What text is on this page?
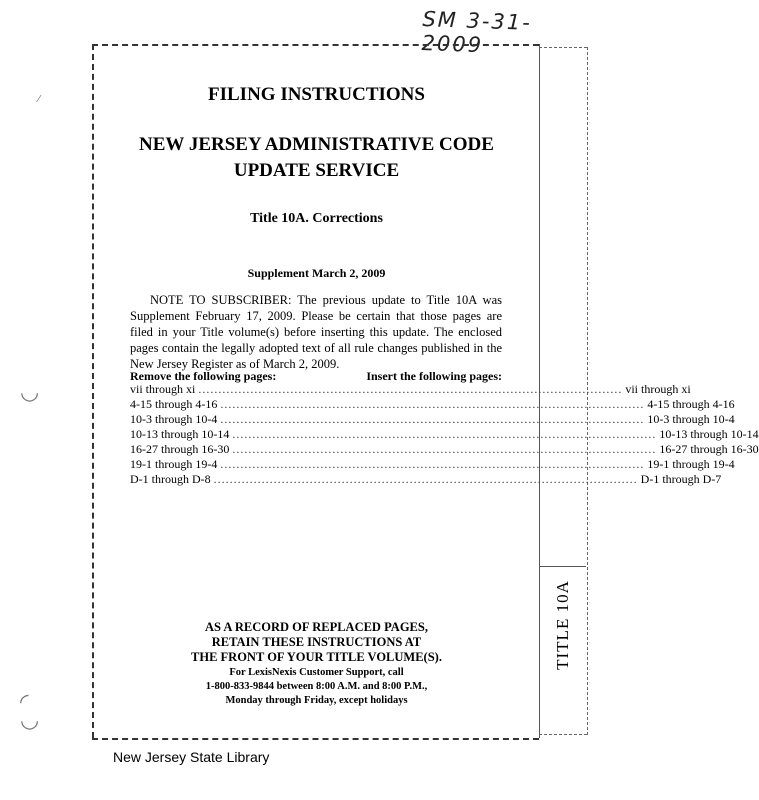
SM 3-31-2009
⁄
◡
◜
◡
FILING INSTRUCTIONS
NEW JERSEY ADMINISTRATIVE CODE
UPDATE SERVICE
Title 10A. Corrections
Supplement March 2, 2009
NOTE TO SUBSCRIBER: The previous update to Title 10A was Supplement February 17, 2009. Please be certain that those pages are filed in your Title volume(s) before inserting this update. The enclosed pages contain the legally adopted text of all rule changes published in the New Jersey Register as of March 2, 2009.
Remove the following pages:	Insert the following pages:
vii through xi .......................................................................................................... vii through xi
4-15 through 4-16 .......................................................................................................... 4-15 through 4-16
10-3 through 10-4 .......................................................................................................... 10-3 through 10-4
10-13 through 10-14 .......................................................................................................... 10-13 through 10-14
16-27 through 16-30 .......................................................................................................... 16-27 through 16-30
19-1 through 19-4 .......................................................................................................... 19-1 through 19-4
D-1 through D-8 .......................................................................................................... D-1 through D-7
AS A RECORD OF REPLACED PAGES,
RETAIN THESE INSTRUCTIONS AT
THE FRONT OF YOUR TITLE VOLUME(S).
For LexisNexis Customer Support, call
1-800-833-9844 between 8:00 A.M. and 8:00 P.M.,
Monday through Friday, except holidays
TITLE 10A
New Jersey State Library
